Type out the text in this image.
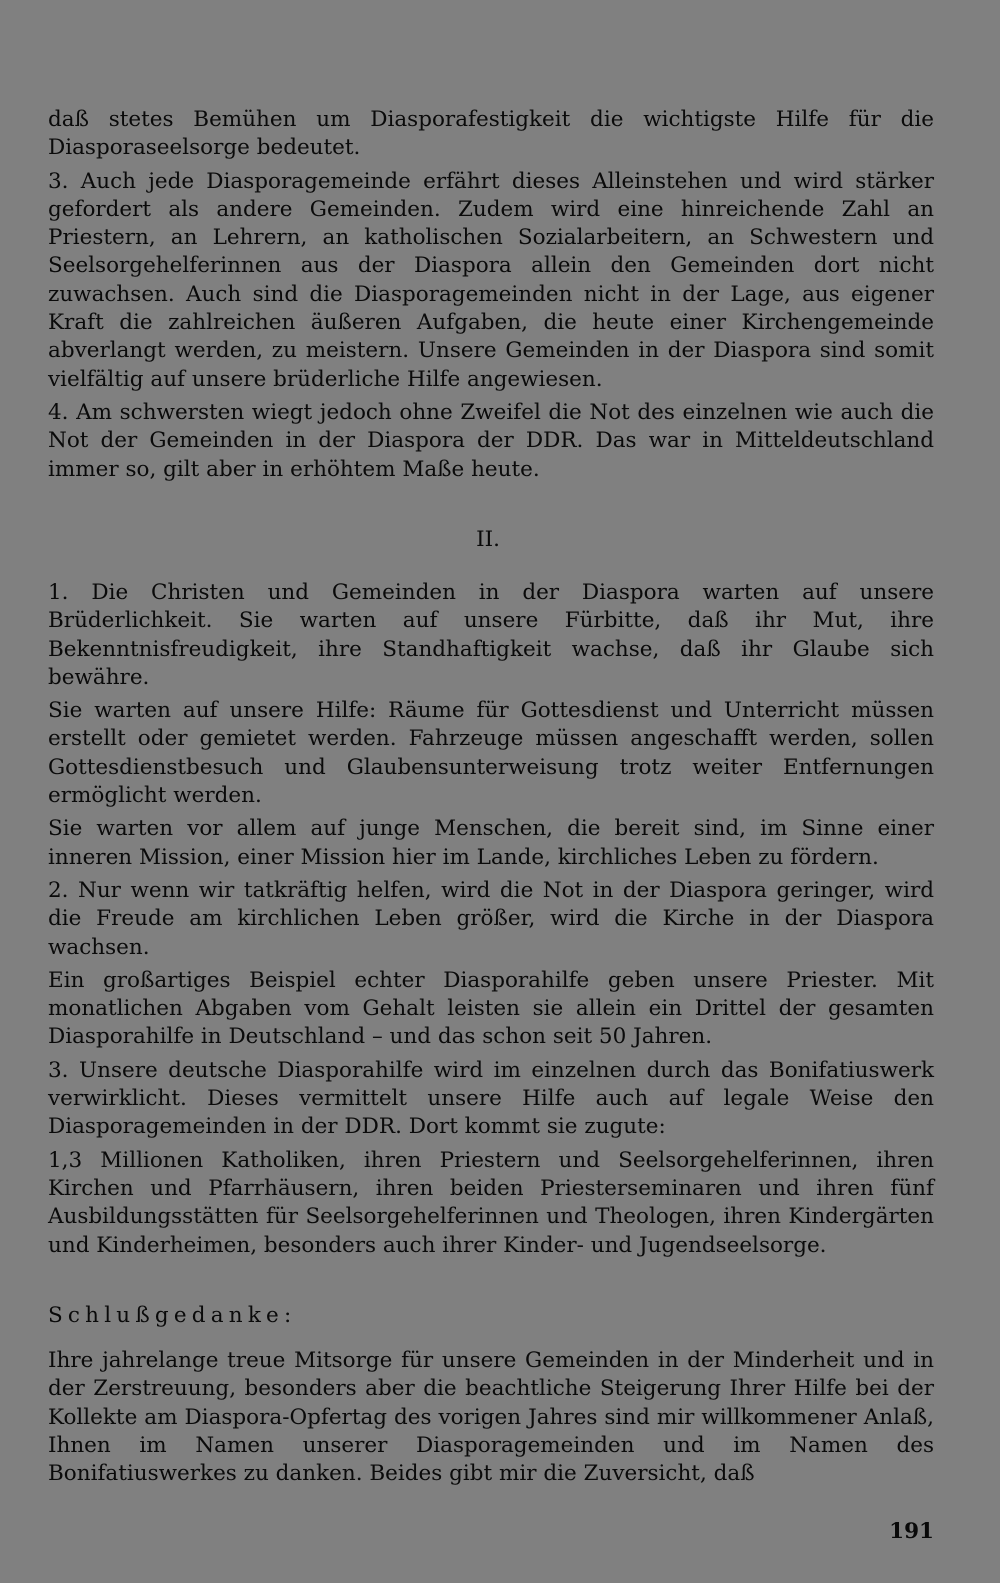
daß stetes Bemühen um Diasporafestigkeit die wichtigste Hilfe für die Diasporaseelsorge bedeutet.

3. Auch jede Diasporagemeinde erfährt dieses Alleinstehen und wird stärker gefordert als andere Gemeinden. Zudem wird eine hinreichende Zahl an Priestern, an Lehrern, an katholischen Sozialarbeitern, an Schwestern und Seelsorgehelferinnen aus der Diaspora allein den Gemeinden dort nicht zuwachsen. Auch sind die Diasporagemeinden nicht in der Lage, aus eigener Kraft die zahlreichen äußeren Aufgaben, die heute einer Kirchengemeinde abverlangt werden, zu meistern. Unsere Gemeinden in der Diaspora sind somit vielfältig auf unsere brüderliche Hilfe angewiesen.

4. Am schwersten wiegt jedoch ohne Zweifel die Not des einzelnen wie auch die Not der Gemeinden in der Diaspora der DDR. Das war in Mitteldeutschland immer so, gilt aber in erhöhtem Maße heute.

II.

1. Die Christen und Gemeinden in der Diaspora warten auf unsere Brüderlichkeit. Sie warten auf unsere Fürbitte, daß ihr Mut, ihre Bekenntnisfreudigkeit, ihre Standhaftigkeit wachse, daß ihr Glaube sich bewähre.

Sie warten auf unsere Hilfe: Räume für Gottesdienst und Unterricht müssen erstellt oder gemietet werden. Fahrzeuge müssen angeschafft werden, sollen Gottesdienstbesuch und Glaubensunterweisung trotz weiter Entfernungen ermöglicht werden.

Sie warten vor allem auf junge Menschen, die bereit sind, im Sinne einer inneren Mission, einer Mission hier im Lande, kirchliches Leben zu fördern.

2. Nur wenn wir tatkräftig helfen, wird die Not in der Diaspora geringer, wird die Freude am kirchlichen Leben größer, wird die Kirche in der Diaspora wachsen.

Ein großartiges Beispiel echter Diasporahilfe geben unsere Priester. Mit monatlichen Abgaben vom Gehalt leisten sie allein ein Drittel der gesamten Diasporahilfe in Deutschland – und das schon seit 50 Jahren.

3. Unsere deutsche Diasporahilfe wird im einzelnen durch das Bonifatiuswerk verwirklicht. Dieses vermittelt unsere Hilfe auch auf legale Weise den Diasporagemeinden in der DDR. Dort kommt sie zugute:

1,3 Millionen Katholiken, ihren Priestern und Seelsorgehelferinnen, ihren Kirchen und Pfarrhäusern, ihren beiden Priesterseminaren und ihren fünf Ausbildungsstätten für Seelsorgehelferinnen und Theologen, ihren Kindergärten und Kinderheimen, besonders auch ihrer Kinder- und Jugendseelsorge.

Schlußgedanke:

Ihre jahrelange treue Mitsorge für unsere Gemeinden in der Minderheit und in der Zerstreuung, besonders aber die beachtliche Steigerung Ihrer Hilfe bei der Kollekte am Diaspora-Opfertag des vorigen Jahres sind mir willkommener Anlaß, Ihnen im Namen unserer Diasporagemeinden und im Namen des Bonifatiuswerkes zu danken. Beides gibt mir die Zuversicht, daß

191
